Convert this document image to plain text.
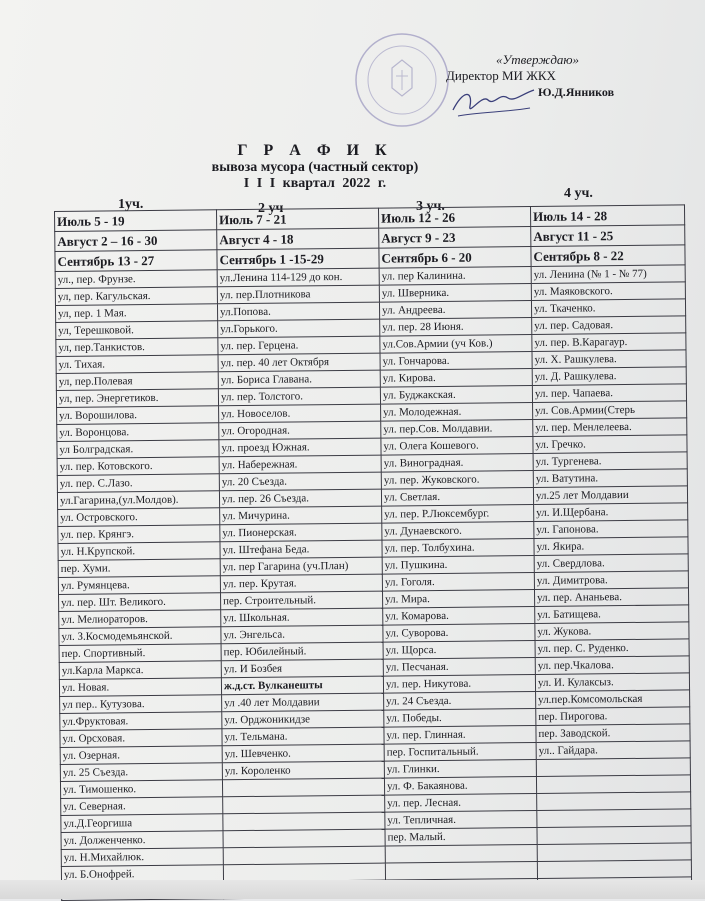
«Утверждаю»
Директор МИ ЖКХ
Ю.Д.Янников
Г Р А Ф И К
вывоза мусора (частный сектор)
I I I квартал 2022 г.
1уч.	2 уч	3 уч.
4 уч.
Июль 5 - 19	Июль 7 - 21	Июль 12 - 26	Июль 14 - 28
Август 2 – 16 - 30	Август 4 - 18	Август 9 - 23	Август 11 - 25
Сентябрь 13 - 27	Сентябрь 1 -15-29	Сентябрь 6 - 20	Сентябрь 8 - 22
ул., пер. Фрунзе.	ул.Ленина 114-129 до кон.	ул. пер Калинина.	ул. Ленина (№ 1 - № 77)
ул, пер. Кагульская.	ул. пер.Плотникова	ул. Шверника.	ул. Маяковского.
ул, пер. 1 Мая.	ул.Попова.	ул. Андреева.	ул. Ткаченко.
ул, Терешковой.	ул.Горького.	ул. пер. 28 Июня.	ул. пер. Садовая.
ул, пер.Танкистов.	ул. пер. Герцена.	ул.Сов.Армии (уч Ков.)	ул. пер. В.Карагаур.
ул. Тихая.	ул. пер. 40 лет Октября	ул. Гончарова.	ул. Х. Рашкулева.
ул, пер.Полевая	ул. Бориса Главана.	ул. Кирова.	ул. Д. Рашкулева.
ул, пер. Энергетиков.	ул. пер. Толстого.	ул. Буджакская.	ул. пер. Чапаева.
ул. Ворошилова.	ул. Новоселов.	ул. Молодежная.	ул. Сов.Армии(Стерь
ул. Воронцова.	ул. Огородная.	ул. пер.Сов. Молдавии.	ул. пер. Менлелеева.
ул Болградская.	ул. проезд Южная.	ул. Олега Кошевого.	ул. Гречко.
ул. пер. Котовского.	ул. Набережная.	ул. Виноградная.	ул. Тургенева.
ул. пер. С.Лазо.	ул. 20 Съезда.	ул. пер. Жуковского.	ул. Ватутина.
ул.Гагарина,(ул.Молдов).	ул. пер. 26 Съезда.	ул. Светлая.	ул.25 лет Молдавии
ул. Островского.	ул. Мичурина.	ул. пер. Р.Люксембург.	ул. И.Щербана.
ул. пер. Крянгэ.	ул. Пионерская.	ул. Дунаевского.	ул. Гапонова.
ул. Н.Крупской.	ул. Штефана Беда.	ул. пер. Толбухина.	ул. Якира.
пер. Хуми.	ул. пер Гагарина (уч.План)	ул. Пушкина.	ул. Свердлова.
ул. Румянцева.	ул. пер. Крутая.	ул. Гоголя.	ул. Димитрова.
ул. пер. Шт. Великого.	пер. Строительный.	ул. Мира.	ул. пер. Ананьева.
ул. Мелиораторов.	ул. Школьная.	ул. Комарова.	ул. Батищева.
ул. З.Космодемьянской.	ул. Энгельса.	ул. Суворова.	ул. Жукова.
пер. Спортивный.	пер. Юбилейный.	ул. Щорса.	ул. пер. С. Руденко.
ул.Карла Маркса.	ул. И Бозбея	ул. Песчаная.	ул. пер.Чкалова.
ул. Новая.	ж.д.ст. Вулканешты	ул. пер. Никутова.	ул. И. Кулаксыз.
ул пер.. Кутузова.	ул .40 лет Молдавии	ул. 24 Съезда.	ул.пер.Комсомольская
ул.Фруктовая.	ул. Орджоникидзе	ул. Победы.	пер. Пирогова.
ул. Орсховая.	ул. Тельмана.	ул. пер. Глинная.	пер. Заводской.
ул. Озерная.	ул. Шевченко.	пер. Госпитальный.	ул.. Гайдара.
ул. 25 Съезда.	ул. Короленко	ул. Глинки.	
ул. Тимошенко.		ул. Ф. Бакаянова.	
ул. Северная.		ул. пер. Лесная.	
ул.Д.Георгиша		ул. Тепличная.	
ул. Долженченко.		пер. Малый.	
ул. Н.Михайлюк.			
ул. Б.Онофрей.			
